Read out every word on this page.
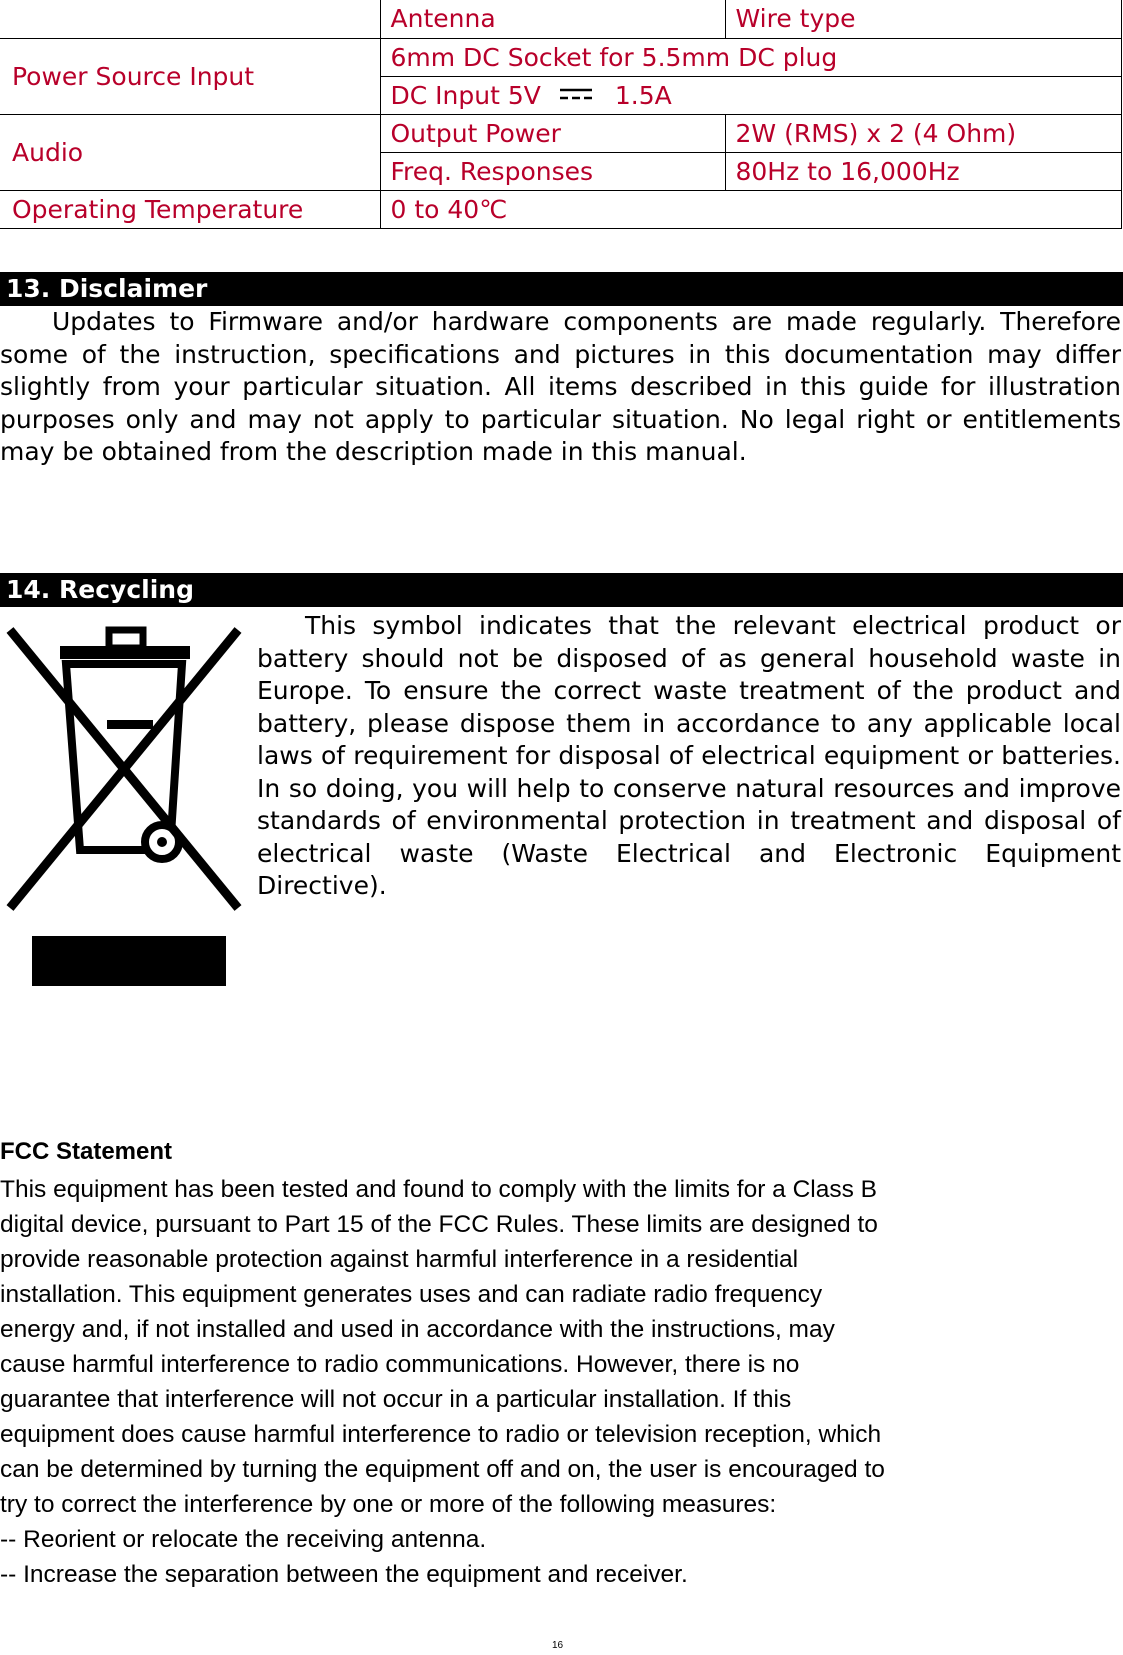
	Antenna	Wire type
Power Source Input	6mm DC Socket for 5.5mm DC plug	
	DC Input 5V 1.5A	
Audio	Output Power	2W (RMS) x 2 (4 Ohm)
	Freq. Responses	80Hz to 16,000Hz
Operating Temperature	0 to 40℃	
13. Disclaimer
Updates to Firmware and/or hardware components are made regularly. Therefore some of the instruction, specifications and pictures in this documentation may differ slightly from your particular situation. All items described in this guide for illustration purposes only and may not apply to particular situation. No legal right or entitlements may be obtained from the description made in this manual.
14. Recycling
This symbol indicates that the relevant electrical product or battery should not be disposed of as general household waste in Europe. To ensure the correct waste treatment of the product and battery, please dispose them in accordance to any applicable local laws of requirement for disposal of electrical equipment or batteries. In so doing, you will help to conserve natural resources and improve standards of environmental protection in treatment and disposal of electrical waste (Waste Electrical and Electronic Equipment Directive).
FCC Statement
This equipment has been tested and found to comply with the limits for a Class B
digital device, pursuant to Part 15 of the FCC Rules. These limits are designed to
provide reasonable protection against harmful interference in a residential
installation. This equipment generates uses and can radiate radio frequency
energy and, if not installed and used in accordance with the instructions, may
cause harmful interference to radio communications. However, there is no
guarantee that interference will not occur in a particular installation. If this
equipment does cause harmful interference to radio or television reception, which
can be determined by turning the equipment off and on, the user is encouraged to
try to correct the interference by one or more of the following measures:
-- Reorient or relocate the receiving antenna.
-- Increase the separation between the equipment and receiver.
16
